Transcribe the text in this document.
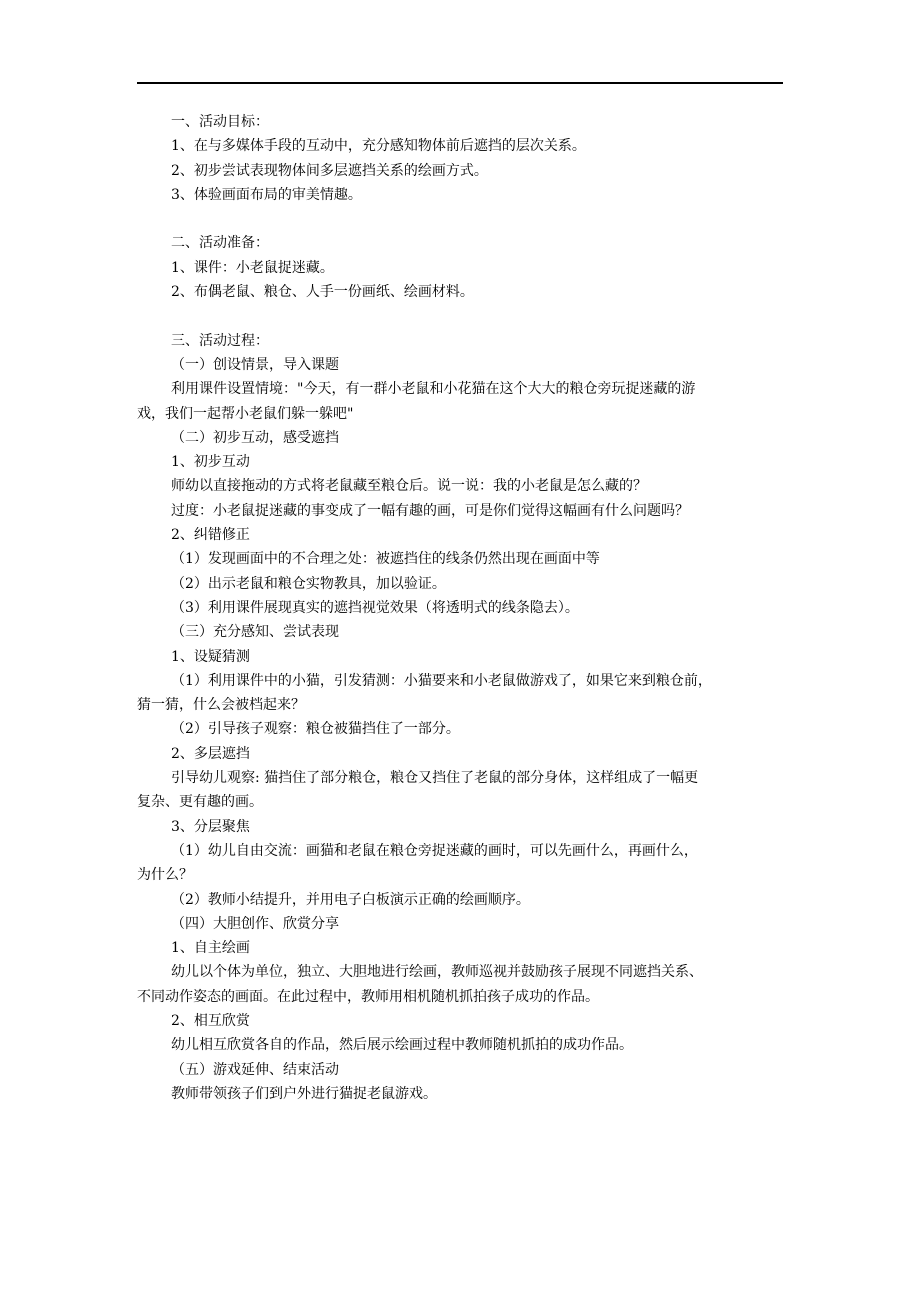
一、活动目标：
1、在与多媒体手段的互动中，充分感知物体前后遮挡的层次关系。
2、初步尝试表现物体间多层遮挡关系的绘画方式。
3、体验画面布局的审美情趣。
二、活动准备：
1、课件：小老鼠捉迷藏。
2、布偶老鼠、粮仓、人手一份画纸、绘画材料。
三、活动过程：
（一）创设情景，导入课题
利用课件设置情境："今天，有一群小老鼠和小花猫在这个大大的粮仓旁玩捉迷藏的游
戏，我们一起帮小老鼠们躲一躲吧"
（二）初步互动，感受遮挡
1、初步互动
师幼以直接拖动的方式将老鼠藏至粮仓后。说一说：我的小老鼠是怎么藏的？
过度：小老鼠捉迷藏的事变成了一幅有趣的画，可是你们觉得这幅画有什么问题吗？
2、纠错修正
（1）发现画面中的不合理之处：被遮挡住的线条仍然出现在画面中等
（2）出示老鼠和粮仓实物教具，加以验证。
（3）利用课件展现真实的遮挡视觉效果（将透明式的线条隐去）。
（三）充分感知、尝试表现
1、设疑猜测
（1）利用课件中的小猫，引发猜测：小猫要来和小老鼠做游戏了，如果它来到粮仓前，
猜一猜，什么会被档起来？
（2）引导孩子观察：粮仓被猫挡住了一部分。
2、多层遮挡
引导幼儿观察: 猫挡住了部分粮仓，粮仓又挡住了老鼠的部分身体，这样组成了一幅更
复杂、更有趣的画。
3、分层聚焦
（1）幼儿自由交流：画猫和老鼠在粮仓旁捉迷藏的画时，可以先画什么，再画什么，
为什么？
（2）教师小结提升，并用电子白板演示正确的绘画顺序。
（四）大胆创作、欣赏分享
1、自主绘画
幼儿以个体为单位，独立、大胆地进行绘画，教师巡视并鼓励孩子展现不同遮挡关系、
不同动作姿态的画面。在此过程中，教师用相机随机抓拍孩子成功的作品。
2、相互欣赏
幼儿相互欣赏各自的作品，然后展示绘画过程中教师随机抓拍的成功作品。
（五）游戏延伸、结束活动
教师带领孩子们到户外进行猫捉老鼠游戏。
